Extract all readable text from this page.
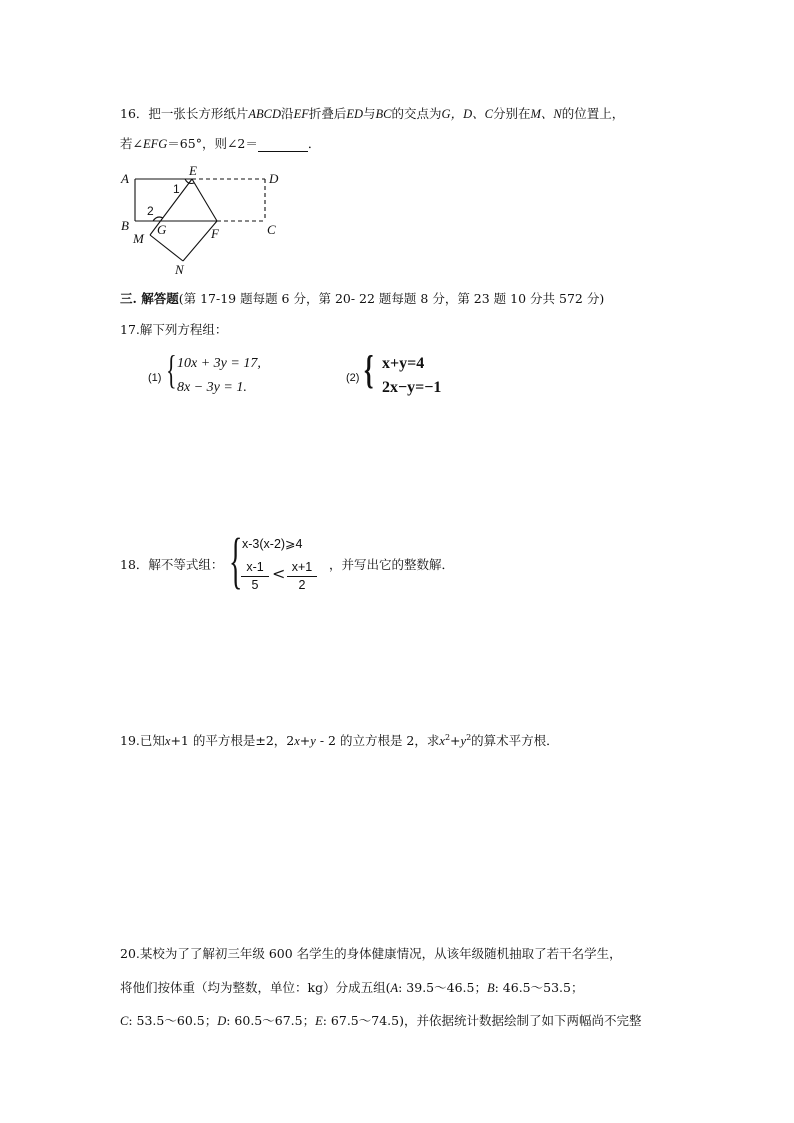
16．把一张长方形纸片ABCD沿EF折叠后ED与BC的交点为G，D、C分别在M、N的位置上，
若∠EFG＝65°，则∠2＝	．
A
E
D
B G	F	C
M
N
1
2
三. 解答题(第 17-19 题每题 6 分，第 20- 22 题每题 8 分，第 23 题 10 分共 572 分)
17.解下列方程组：
(1) { 10x + 3y = 17,
8x − 3y = 1.
(2) { x+y=4
2x−y=−1
18．解不等式组： { x-3(x-2)⩾4
x-1
5
< x+1
2
，并写出它的整数解．
19.已知x+1 的平方根是±2，2x+y - 2 的立方根是 2，求$x^2+y^2$的算术平方根．
20.某校为了了解初三年级 600 名学生的身体健康情况，从该年级随机抽取了若干名学生，
将他们按体重（均为整数，单位：kg）分成五组(A: 39.5～46.5；B: 46.5～53.5；
C: 53.5～60.5；D: 60.5～67.5；E: 67.5～74.5)，并依据统计数据绘制了如下两幅尚不完整
